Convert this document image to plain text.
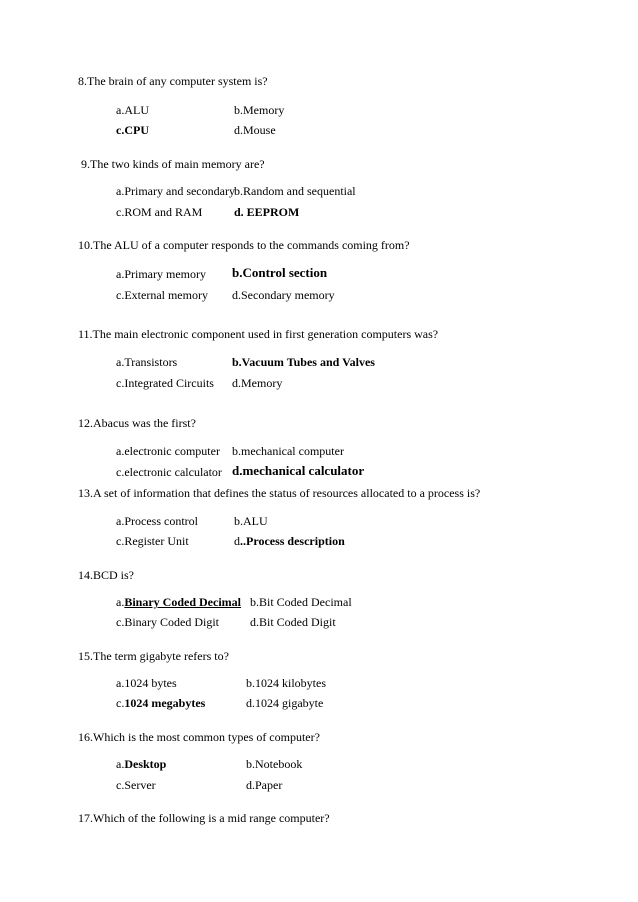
8.The brain of any computer system is?
a.ALU	b.Memory
c.CPU	d.Mouse
9.The two kinds of main memory are?
a.Primary and secondary b.Random and sequential
c.ROM and RAM	d. EEPROM
10.The ALU of a computer responds to the commands coming from?
a.Primary memory b.Control section
c.External memory d.Secondary memory
11.The main electronic component used in first generation computers was?
a.Transistors	b.Vacuum Tubes and Valves
c.Integrated Circuits d.Memory
12.Abacus was the first?
a.electronic computer b.mechanical computer
c.electronic calculator d.mechanical calculator
13.A set of information that defines the status of resources allocated to a process is?
a.Process control	b.ALU
c.Register Unit	d..Process description
14.BCD is?
a.Binary Coded Decimal b.Bit Coded Decimal
c.Binary Coded Digit	d.Bit Coded Digit
15.The term gigabyte refers to?
a.1024 bytes	b.1024 kilobytes
c.1024 megabytes	d.1024 gigabyte
16.Which is the most common types of computer?
a.Desktop	b.Notebook
c.Server	d.Paper
17.Which of the following is a mid range computer?
